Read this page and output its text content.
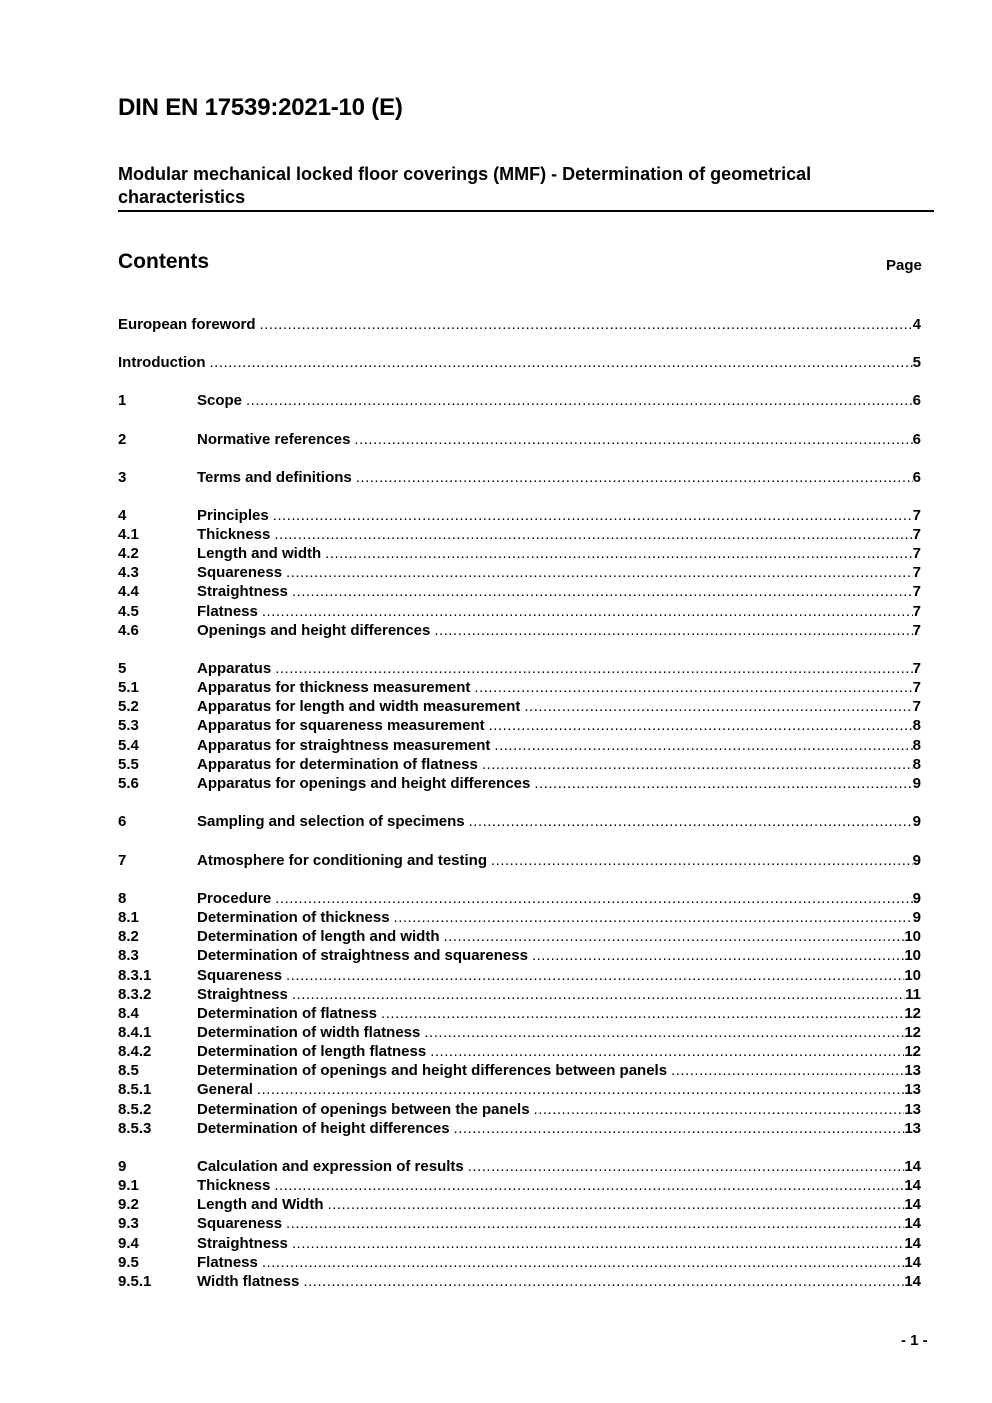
DIN EN 17539:2021-10 (E)
Modular mechanical locked floor coverings (MMF) - Determination of geometrical characteristics
Contents	Page
European foreword .....	4
Introduction .....	5
1	Scope .....	6
2	Normative references .....	6
3	Terms and definitions .....	6
4	Principles .....	7
4.1	Thickness .....	7
4.2	Length and width .....	7
4.3	Squareness .....	7
4.4	Straightness .....	7
4.5	Flatness .....	7
4.6	Openings and height differences .....	7
5	Apparatus .....	7
5.1	Apparatus for thickness measurement .....	7
5.2	Apparatus for length and width measurement .....	7
5.3	Apparatus for squareness measurement .....	8
5.4	Apparatus for straightness measurement .....	8
5.5	Apparatus for determination of flatness .....	8
5.6	Apparatus for openings and height differences .....	9
6	Sampling and selection of specimens .....	9
7	Atmosphere for conditioning and testing .....	9
8	Procedure .....	9
8.1	Determination of thickness .....	9
8.2	Determination of length and width .....	10
8.3	Determination of straightness and squareness .....	10
8.3.1	Squareness .....	10
8.3.2	Straightness .....	11
8.4	Determination of flatness .....	12
8.4.1	Determination of width flatness .....	12
8.4.2	Determination of length flatness .....	12
8.5	Determination of openings and height differences between panels .....	13
8.5.1	General .....	13
8.5.2	Determination of openings between the panels .....	13
8.5.3	Determination of height differences .....	13
9	Calculation and expression of results .....	14
9.1	Thickness .....	14
9.2	Length and Width .....	14
9.3	Squareness .....	14
9.4	Straightness .....	14
9.5	Flatness .....	14
9.5.1	Width flatness .....	14
- 1 -
